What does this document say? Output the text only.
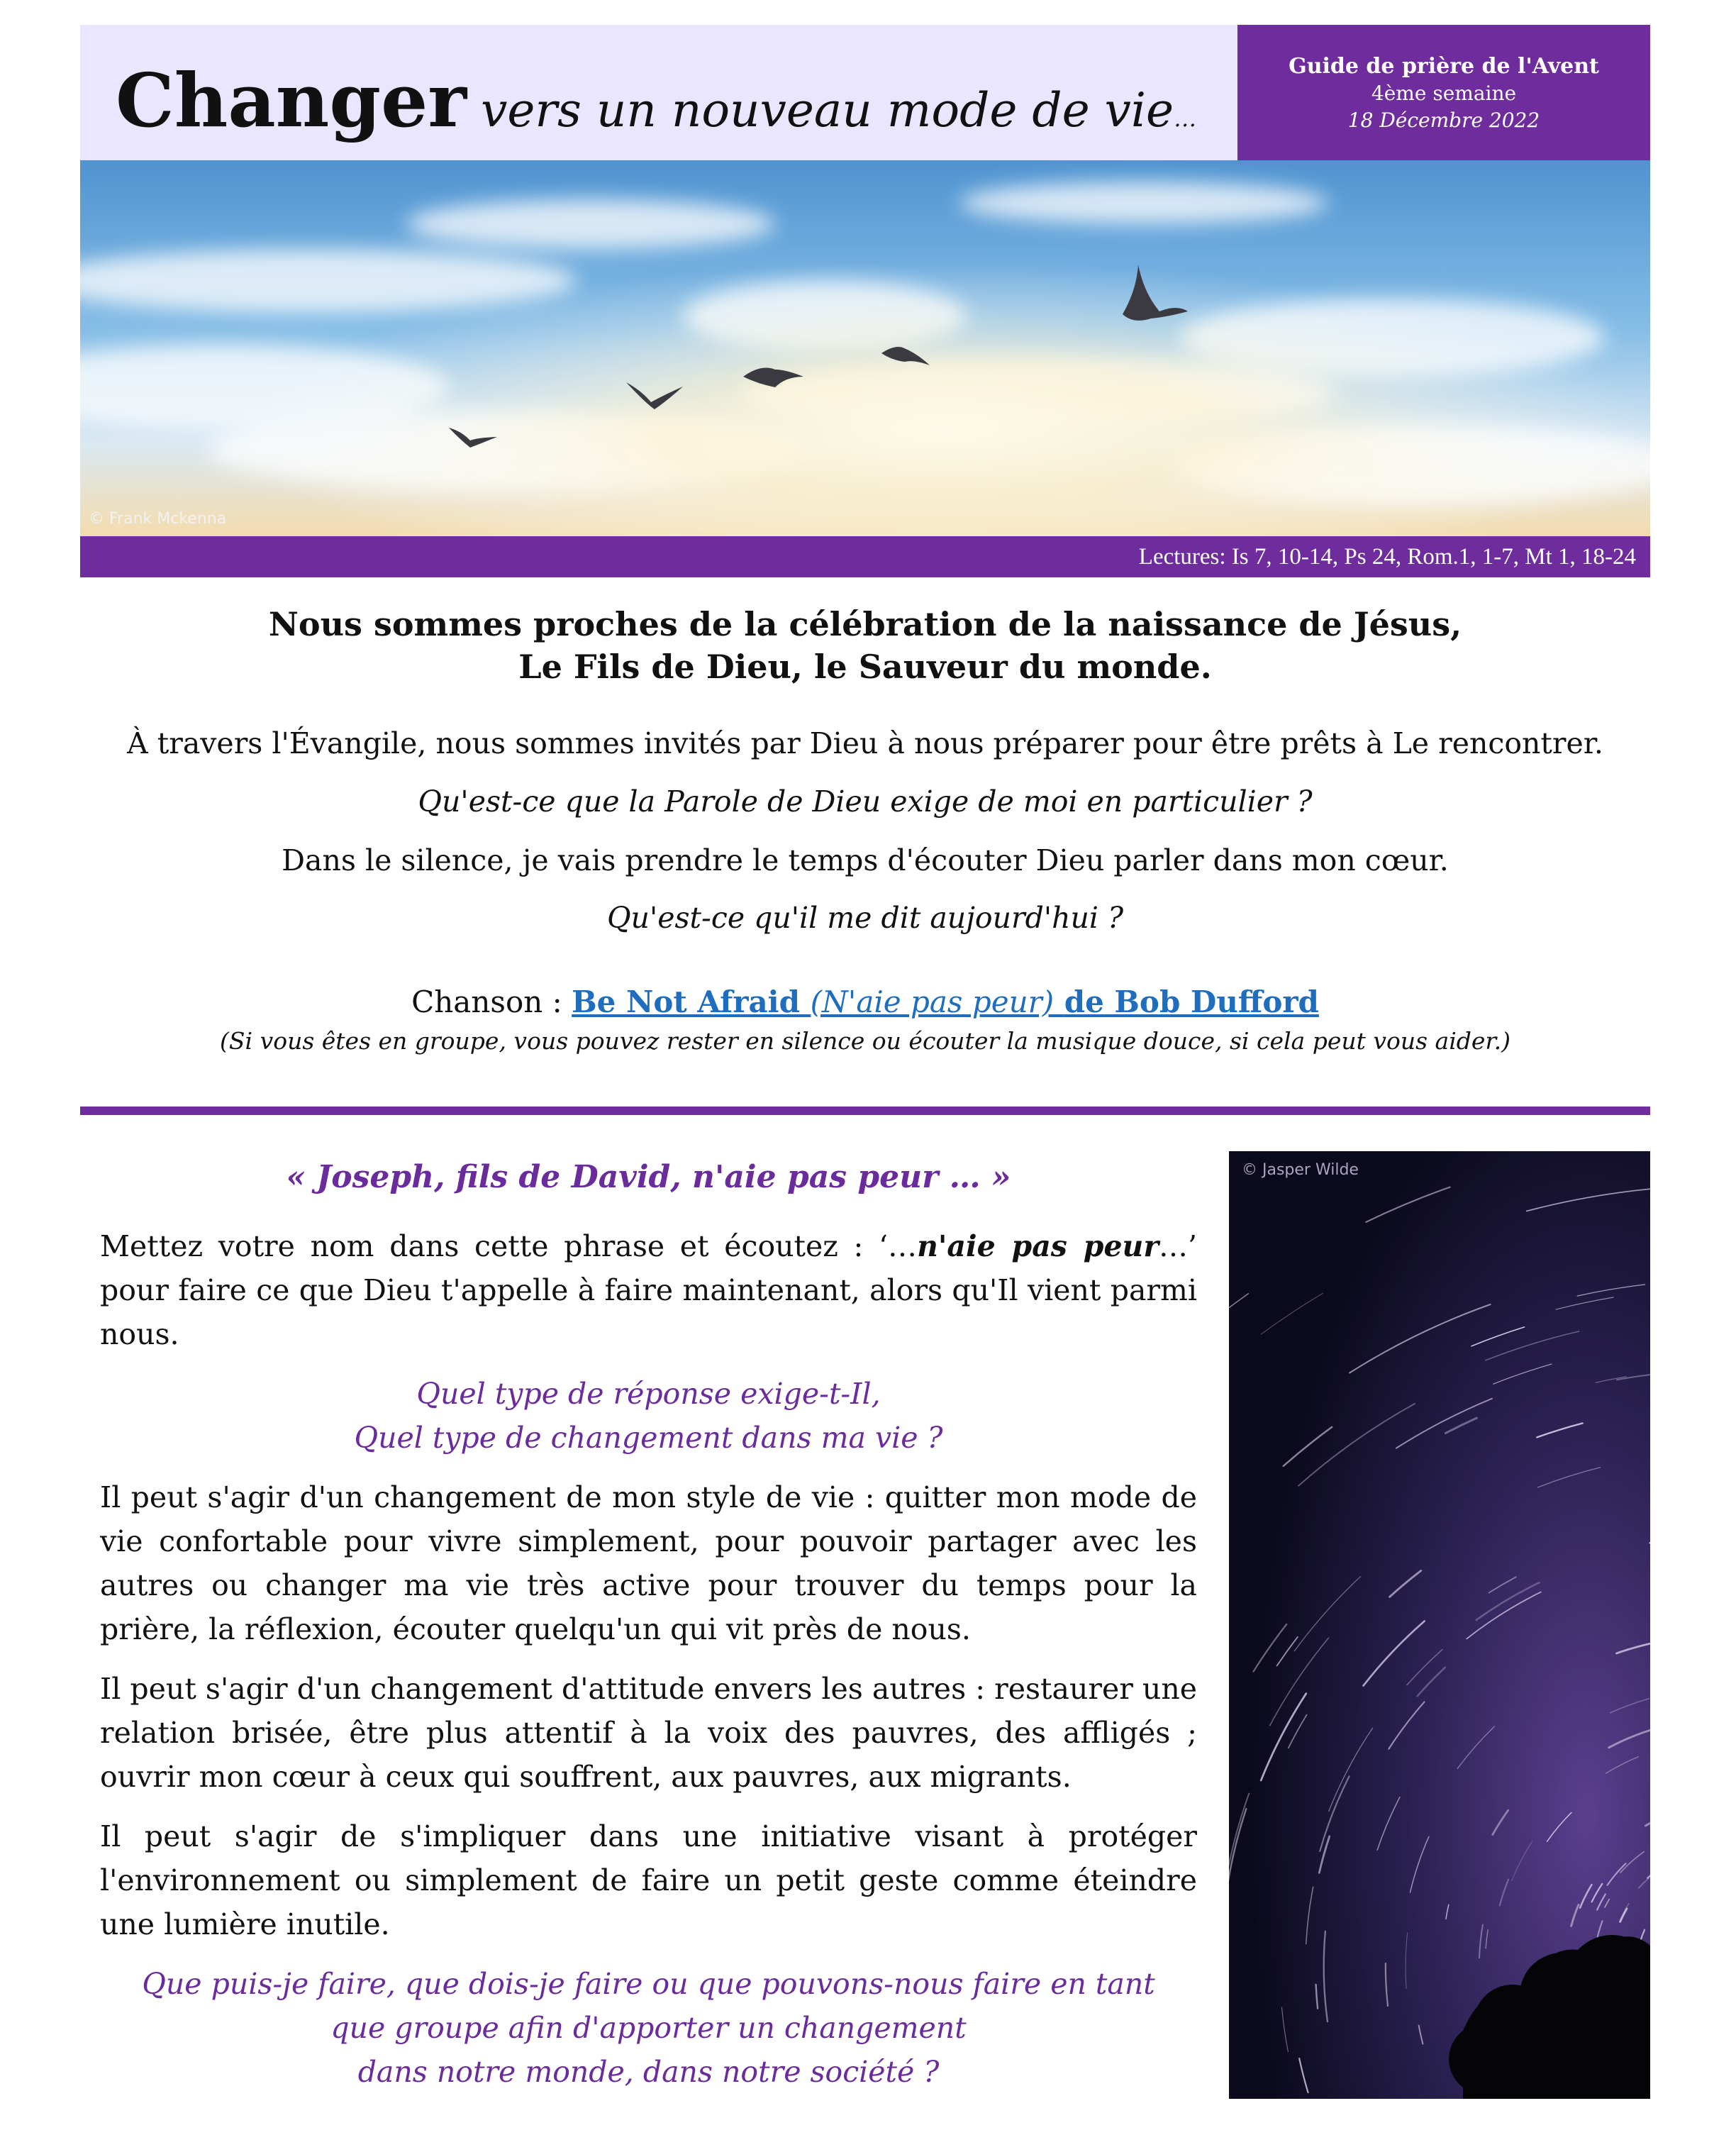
Changer vers un nouveau mode de vie…
Guide de prière de l'Avent
4ème semaine
18 Décembre 2022
© Frank Mckenna
Lectures: Is 7, 10-14, Ps 24, Rom.1, 1-7, Mt 1, 18-24
Nous sommes proches de la célébration de la naissance de Jésus,
Le Fils de Dieu, le Sauveur du monde.
À travers l'Évangile, nous sommes invités par Dieu à nous préparer pour être prêts à Le rencontrer.
Qu'est-ce que la Parole de Dieu exige de moi en particulier ?
Dans le silence, je vais prendre le temps d'écouter Dieu parler dans mon cœur.
Qu'est-ce qu'il me dit aujourd'hui ?
Chanson : Be Not Afraid (N'aie pas peur) de Bob Dufford
(Si vous êtes en groupe, vous pouvez rester en silence ou écouter la musique douce, si cela peut vous aider.)
« Joseph, fils de David, n'aie pas peur … »

Mettez votre nom dans cette phrase et écoutez : ‘…n'aie pas peur…’ pour faire ce que Dieu t'appelle à faire maintenant, alors qu'Il vient parmi nous.

Quel type de réponse exige-t-Il,
Quel type de changement dans ma vie ?

Il peut s'agir d'un changement de mon style de vie : quitter mon mode de vie confortable pour vivre simplement, pour pouvoir partager avec les autres ou changer ma vie très active pour trouver du temps pour la prière, la réflexion, écouter quelqu'un qui vit près de nous.

Il peut s'agir d'un changement d'attitude envers les autres : restaurer une relation brisée, être plus attentif à la voix des pauvres, des affligés ; ouvrir mon cœur à ceux qui souffrent, aux pauvres, aux migrants.

Il peut s'agir de s'impliquer dans une initiative visant à protéger l'environnement ou simplement de faire un petit geste comme éteindre une lumière inutile.

Que puis-je faire, que dois-je faire ou que pouvons-nous faire en tant
que groupe afin d'apporter un changement
dans notre monde, dans notre société ?
© Jasper Wilde
